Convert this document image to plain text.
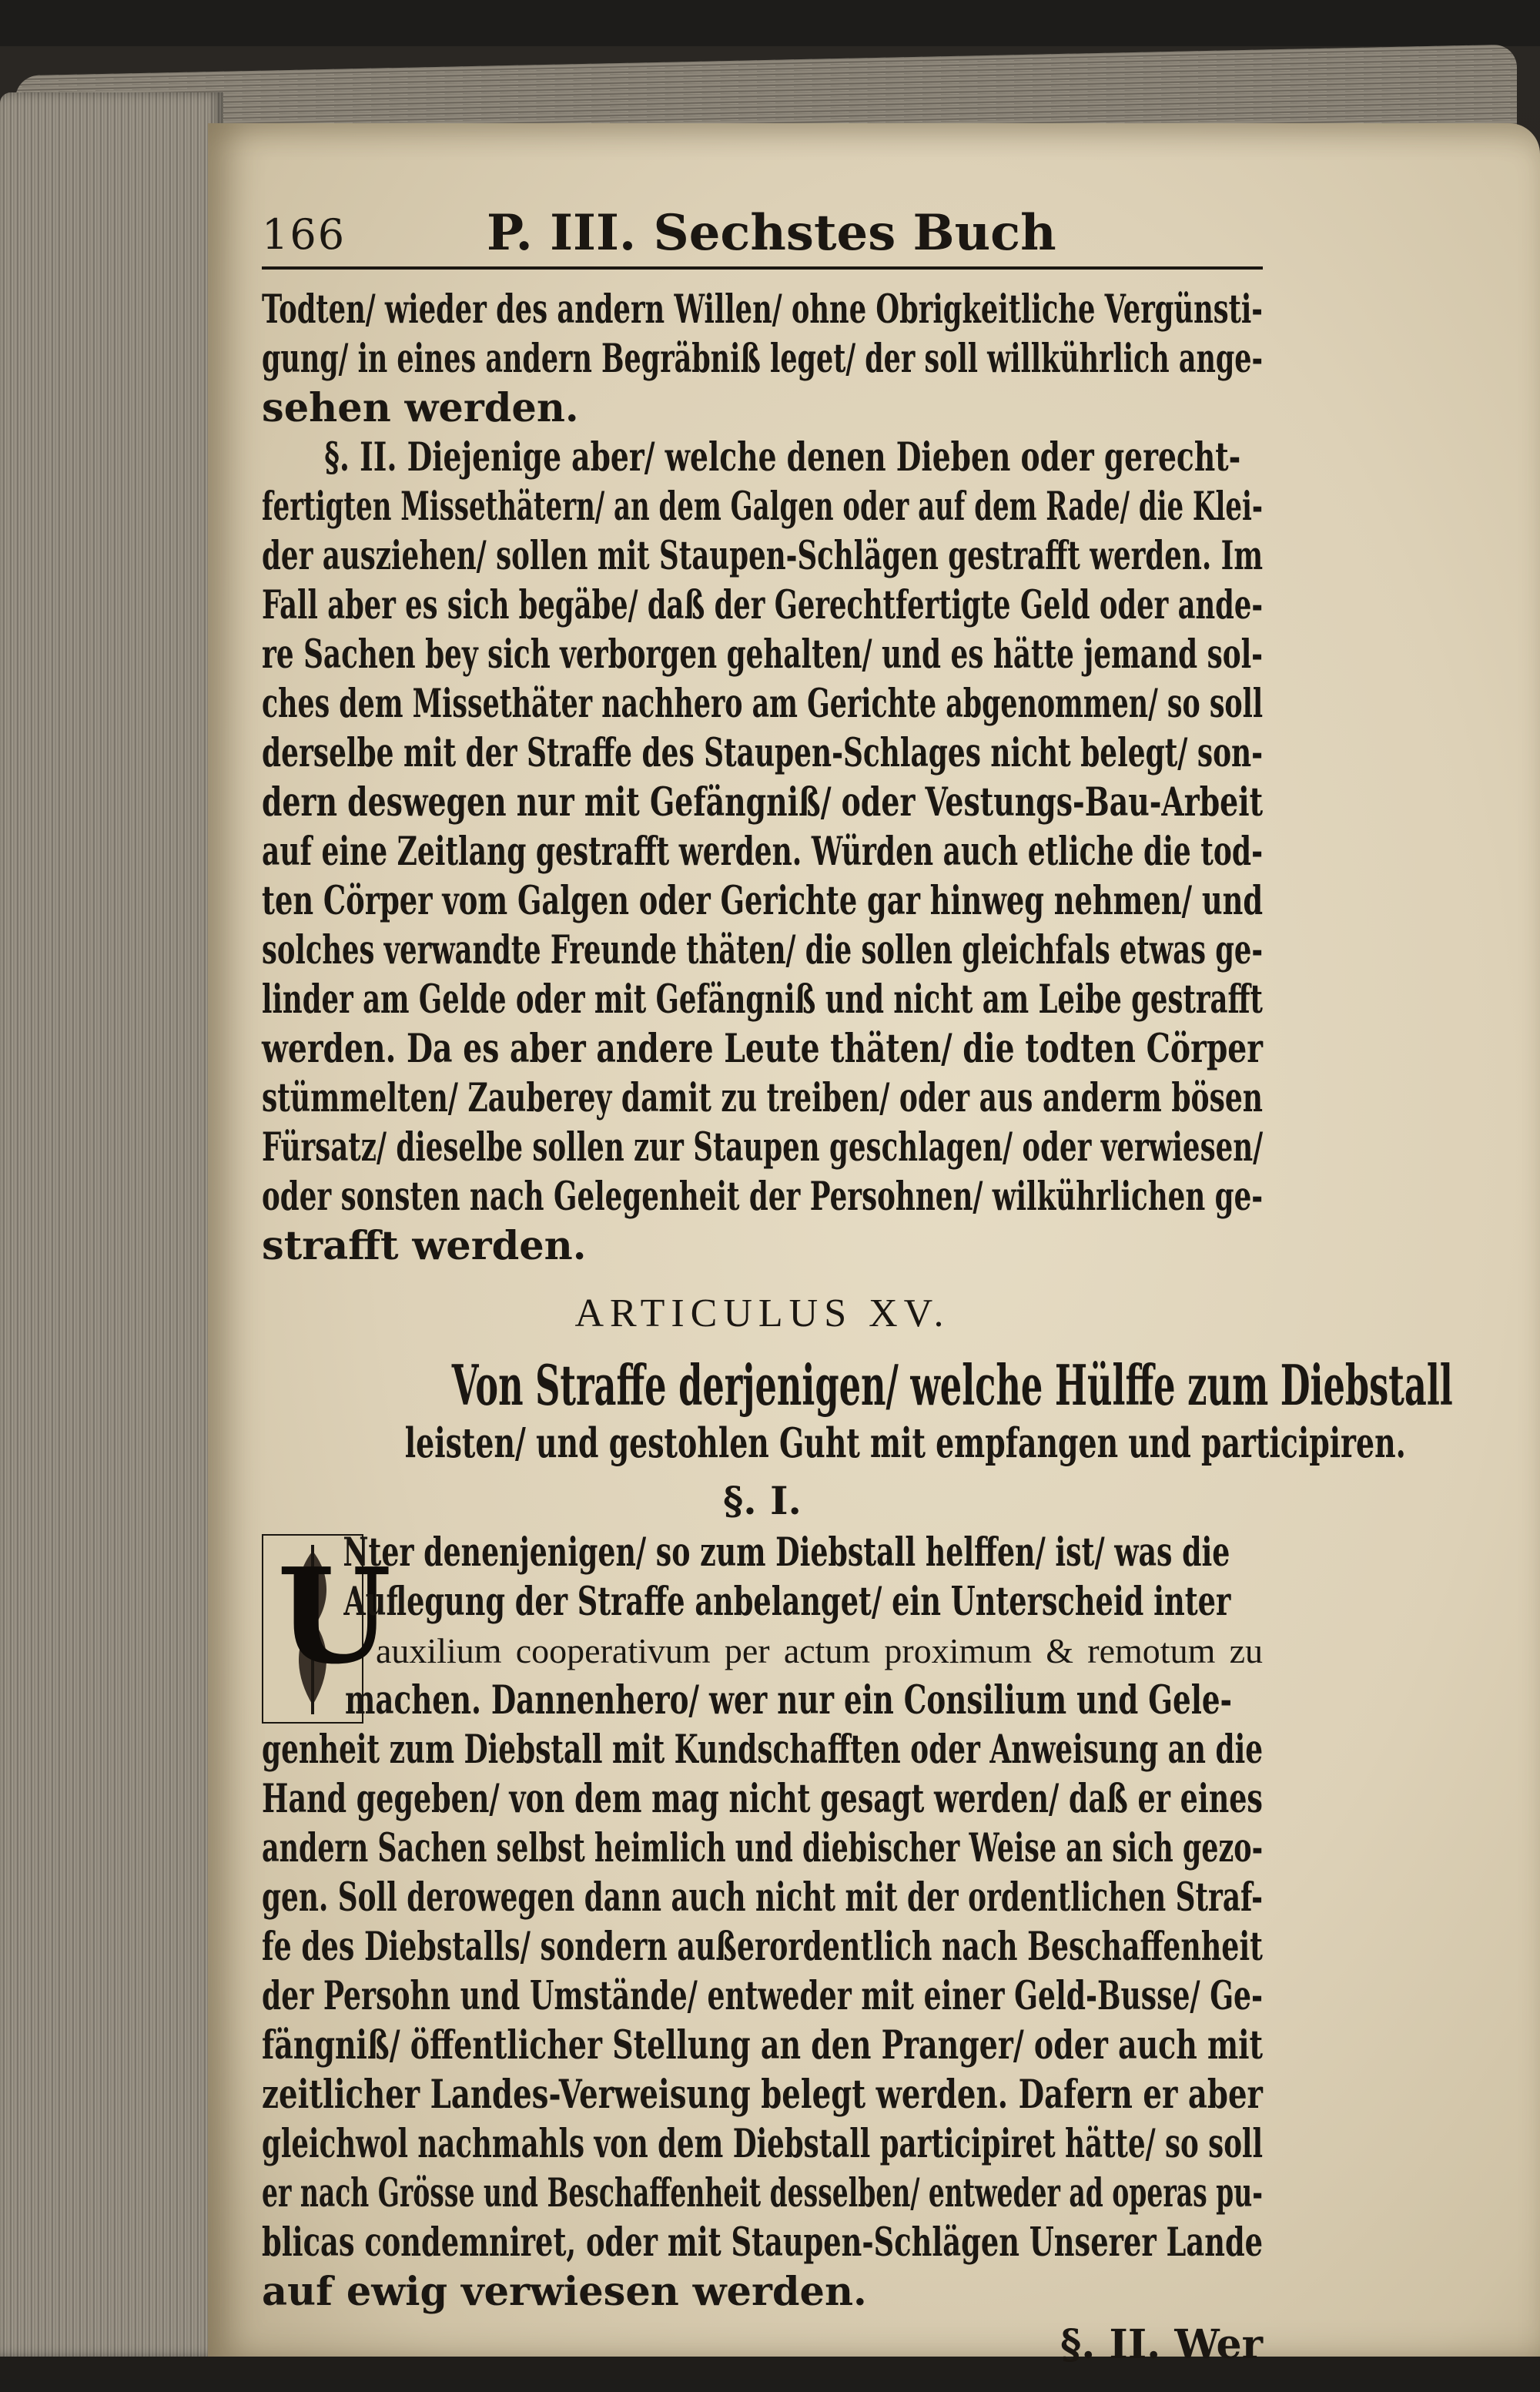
166	P. III. Sechstes Buch
Todten/ wieder des andern Willen/ ohne Obrigkeitliche Vergünsti-
gung/ in eines andern Begräbniß leget/ der soll willkührlich ange-
sehen werden.
§. II. Diejenige aber/ welche denen Dieben oder gerecht-
fertigten Missethätern/ an dem Galgen oder auf dem Rade/ die Klei-
der ausziehen/ sollen mit Staupen-Schlägen gestrafft werden. Im
Fall aber es sich begäbe/ daß der Gerechtfertigte Geld oder ande-
re Sachen bey sich verborgen gehalten/ und es hätte jemand sol-
ches dem Missethäter nachhero am Gerichte abgenommen/ so soll
derselbe mit der Straffe des Staupen-Schlages nicht belegt/ son-
dern deswegen nur mit Gefängniß/ oder Vestungs-Bau-Arbeit
auf eine Zeitlang gestrafft werden. Würden auch etliche die tod-
ten Cörper vom Galgen oder Gerichte gar hinweg nehmen/ und
solches verwandte Freunde thäten/ die sollen gleichfals etwas ge-
linder am Gelde oder mit Gefängniß und nicht am Leibe gestrafft
werden. Da es aber andere Leute thäten/ die todten Cörper
stümmelten/ Zauberey damit zu treiben/ oder aus anderm bösen
Fürsatz/ dieselbe sollen zur Staupen geschlagen/ oder verwiesen/
oder sonsten nach Gelegenheit der Persohnen/ wilkührlichen ge-
strafft werden.
ARTICULUS XV.
Von Straffe derjenigen/ welche Hülffe zum Diebstall
leisten/ und gestohlen Guht mit empfangen und participiren.
§. I.
U
Nter denenjenigen/ so zum Diebstall helffen/ ist/ was die
Auflegung der Straffe anbelanget/ ein Unterscheid inter
auxilium cooperativum per actum proximum & remotum zu
machen. Dannenhero/ wer nur ein Consilium und Gele-
genheit zum Diebstall mit Kundschafften oder Anweisung an die
Hand gegeben/ von dem mag nicht gesagt werden/ daß er eines
andern Sachen selbst heimlich und diebischer Weise an sich gezo-
gen. Soll derowegen dann auch nicht mit der ordentlichen Straf-
fe des Diebstalls/ sondern außerordentlich nach Beschaffenheit
der Persohn und Umstände/ entweder mit einer Geld-Busse/ Ge-
fängniß/ öffentlicher Stellung an den Pranger/ oder auch mit
zeitlicher Landes-Verweisung belegt werden. Dafern er aber
gleichwol nachmahls von dem Diebstall participiret hätte/ so soll
er nach Grösse und Beschaffenheit desselben/ entweder ad operas pu-
blicas condemniret, oder mit Staupen-Schlägen Unserer Lande
auf ewig verwiesen werden.
§. II. Wer
